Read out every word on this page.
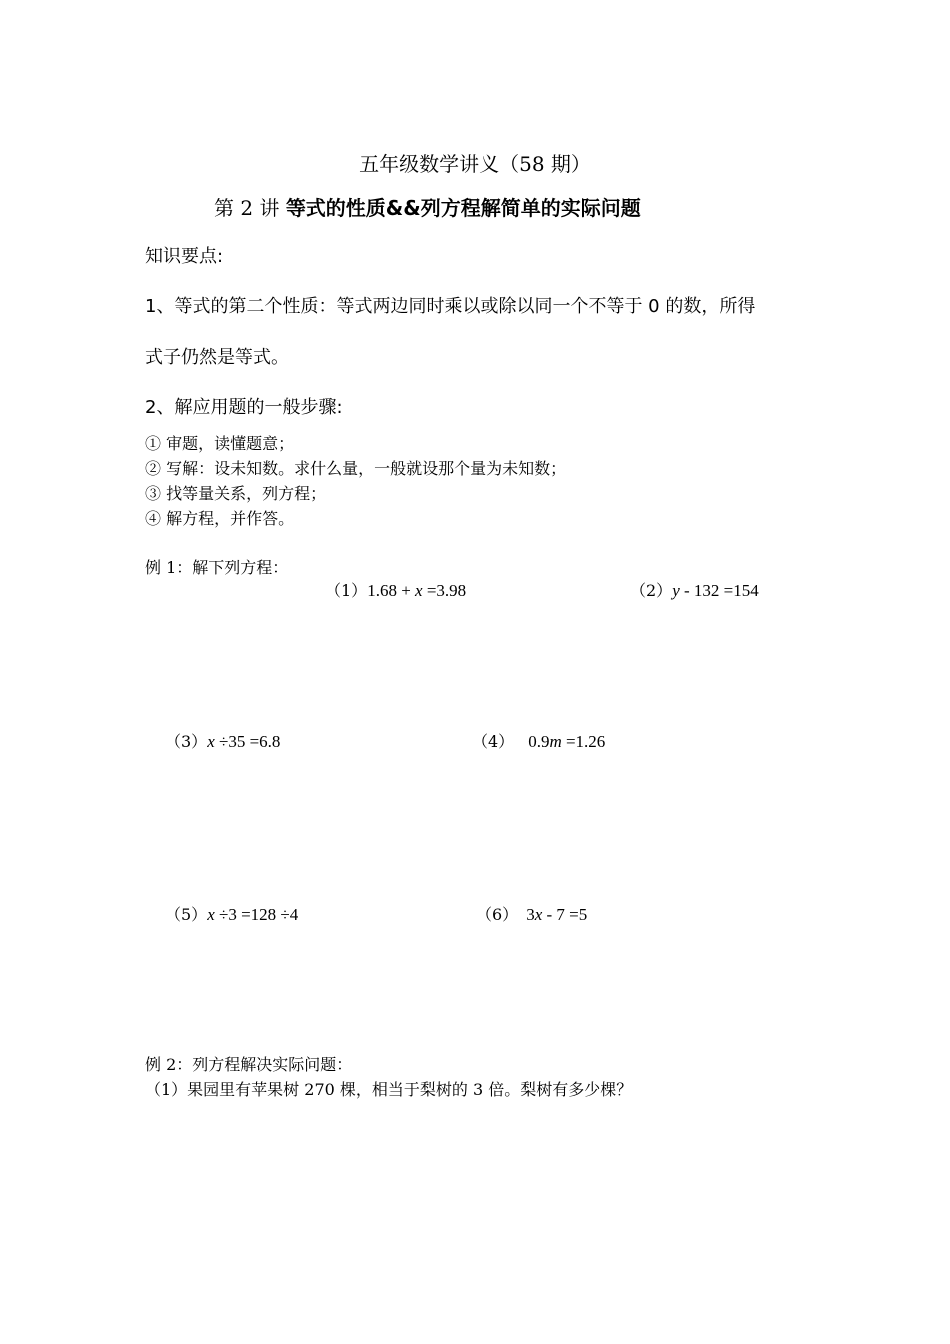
五年级数学讲义（58 期）
第 2 讲 等式的性质&&列方程解简单的实际问题
知识要点:
1、等式的第二个性质：等式两边同时乘以或除以同一个不等于 0 的数，所得
式子仍然是等式。
2、解应用题的一般步骤:
① 审题，读懂题意；
② 写解：设未知数。求什么量，一般就设那个量为未知数；
③ 找等量关系，列方程；
④ 解方程，并作答。
例 1：解下列方程：
（1）1.68 + x =3.98	（2）y - 132 =154
（3）x ÷35 =6.8	（4） 0.9m =1.26
（5）x ÷3 =128 ÷4	（6） 3x - 7 =5
例 2：列方程解决实际问题：
（1）果园里有苹果树 270 棵，相当于梨树的 3 倍。梨树有多少棵？
